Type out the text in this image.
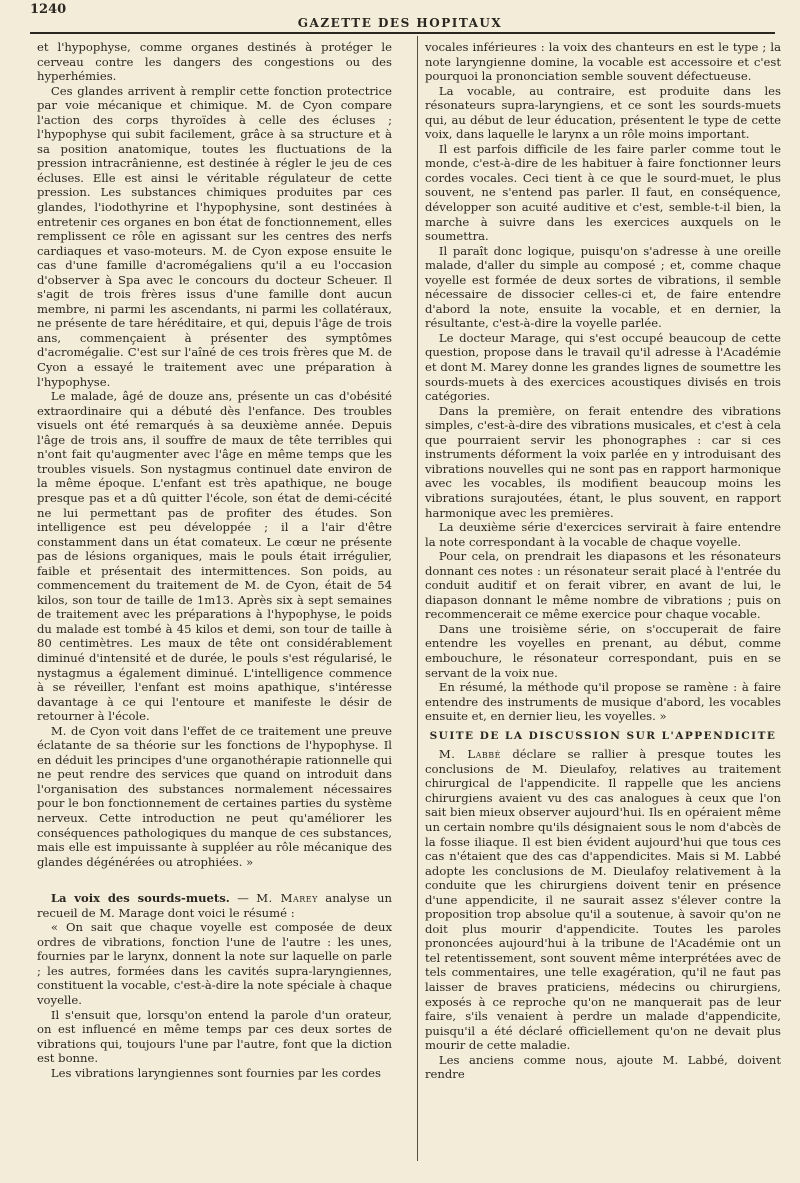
1240
GAZETTE DES HOPITAUX

et l'hypophyse, comme organes destinés à protéger le cerveau contre les dangers des congestions ou des hyperhémies.

Ces glandes arrivent à remplir cette fonction protectrice par voie mécanique et chimique. M. de Cyon compare l'action des corps thyroïdes à celle des écluses ; l'hypophyse qui subit facilement, grâce à sa structure et à sa position anatomique, toutes les fluctuations de la pression intracrânienne, est destinée à régler le jeu de ces écluses. Elle est ainsi le véritable régulateur de cette pression. Les substances chimiques produites par ces glandes, l'iodothyrine et l'hypophysine, sont destinées à entretenir ces organes en bon état de fonctionnement, elles remplissent ce rôle en agissant sur les centres des nerfs cardiaques et vaso-moteurs. M. de Cyon expose ensuite le cas d'une famille d'acromégaliens qu'il a eu l'occasion d'observer à Spa avec le concours du docteur Scheuer. Il s'agit de trois frères issus d'une famille dont aucun membre, ni parmi les ascendants, ni parmi les collatéraux, ne présente de tare héréditaire, et qui, depuis l'âge de trois ans, commençaient à présenter des symptômes d'acromégalie. C'est sur l'aîné de ces trois frères que M. de Cyon a essayé le traitement avec une préparation à l'hypophyse.

Le malade, âgé de douze ans, présente un cas d'obésité extraordinaire qui a débuté dès l'enfance. Des troubles visuels ont été remarqués à sa deuxième année. Depuis l'âge de trois ans, il souffre de maux de tête terribles qui n'ont fait qu'augmenter avec l'âge en même temps que les troubles visuels. Son nystagmus continuel date environ de la même époque. L'enfant est très apathique, ne bouge presque pas et a dû quitter l'école, son état de demi-cécité ne lui permettant pas de profiter des études. Son intelligence est peu développée ; il a l'air d'être constamment dans un état comateux. Le cœur ne présente pas de lésions organiques, mais le pouls était irrégulier, faible et présentait des intermittences. Son poids, au commencement du traitement de M. de Cyon, était de 54 kilos, son tour de taille de 1m13. Après six à sept semaines de traitement avec les préparations à l'hypophyse, le poids du malade est tombé à 45 kilos et demi, son tour de taille à 80 centimètres. Les maux de tête ont considérablement diminué d'intensité et de durée, le pouls s'est régularisé, le nystagmus a également diminué. L'intelligence commence à se réveiller, l'enfant est moins apathique, s'intéresse davantage à ce qui l'entoure et manifeste le désir de retourner à l'école.

M. de Cyon voit dans l'effet de ce traitement une preuve éclatante de sa théorie sur les fonctions de l'hypophyse. Il en déduit les principes d'une organothérapie rationnelle qui ne peut rendre des services que quand on introduit dans l'organisation des substances normalement nécessaires pour le bon fonctionnement de certaines parties du système nerveux. Cette introduction ne peut qu'améliorer les conséquences pathologiques du manque de ces substances, mais elle est impuissante à suppléer au rôle mécanique des glandes dégénérées ou atrophiées. »

La voix des sourds-muets. — M. Marey analyse un recueil de M. Marage dont voici le résumé :

« On sait que chaque voyelle est composée de deux ordres de vibrations, fonction l'une de l'autre : les unes, fournies par le larynx, donnent la note sur laquelle on parle ; les autres, formées dans les cavités supra-laryngiennes, constituent la vocable, c'est-à-dire la note spéciale à chaque voyelle.

Il s'ensuit que, lorsqu'on entend la parole d'un orateur, on est influencé en même temps par ces deux sortes de vibrations qui, toujours l'une par l'autre, font que la diction est bonne.

Les vibrations laryngiennes sont fournies par les cordes

vocales inférieures : la voix des chanteurs en est le type ; la note laryngienne domine, la vocable est accessoire et c'est pourquoi la prononciation semble souvent défectueuse.

La vocable, au contraire, est produite dans les résonateurs supra-laryngiens, et ce sont les sourds-muets qui, au début de leur éducation, présentent le type de cette voix, dans laquelle le larynx a un rôle moins important.

Il est parfois difficile de les faire parler comme tout le monde, c'est-à-dire de les habituer à faire fonctionner leurs cordes vocales. Ceci tient à ce que le sourd-muet, le plus souvent, ne s'entend pas parler. Il faut, en conséquence, développer son acuité auditive et c'est, semble-t-il bien, la marche à suivre dans les exercices auxquels on le soumettra.

Il paraît donc logique, puisqu'on s'adresse à une oreille malade, d'aller du simple au composé ; et, comme chaque voyelle est formée de deux sortes de vibrations, il semble nécessaire de dissocier celles-ci et, de faire entendre d'abord la note, ensuite la vocable, et en dernier, la résultante, c'est-à-dire la voyelle parlée.

Le docteur Marage, qui s'est occupé beaucoup de cette question, propose dans le travail qu'il adresse à l'Académie et dont M. Marey donne les grandes lignes de soumettre les sourds-muets à des exercices acoustiques divisés en trois catégories.

Dans la première, on ferait entendre des vibrations simples, c'est-à-dire des vibrations musicales, et c'est à cela que pourraient servir les phonographes : car si ces instruments déforment la voix parlée en y introduisant des vibrations nouvelles qui ne sont pas en rapport harmonique avec les vocables, ils modifient beaucoup moins les vibrations surajoutées, étant, le plus souvent, en rapport harmonique avec les premières.

La deuxième série d'exercices servirait à faire entendre la note correspondant à la vocable de chaque voyelle.

Pour cela, on prendrait les diapasons et les résonateurs donnant ces notes : un résonateur serait placé à l'entrée du conduit auditif et on ferait vibrer, en avant de lui, le diapason donnant le même nombre de vibrations ; puis on recommencerait ce même exercice pour chaque vocable.

Dans une troisième série, on s'occuperait de faire entendre les voyelles en prenant, au début, comme embouchure, le résonateur correspondant, puis en se servant de la voix nue.

En résumé, la méthode qu'il propose se ramène : à faire entendre des instruments de musique d'abord, les vocables ensuite et, en dernier lieu, les voyelles. »

SUITE DE LA DISCUSSION SUR L'APPENDICITE

M. Labbé déclare se rallier à presque toutes les conclusions de M. Dieulafoy, relatives au traitement chirurgical de l'appendicite. Il rappelle que les anciens chirurgiens avaient vu des cas analogues à ceux que l'on sait bien mieux observer aujourd'hui. Ils en opéraient même un certain nombre qu'ils désignaient sous le nom d'abcès de la fosse iliaque. Il est bien évident aujourd'hui que tous ces cas n'étaient que des cas d'appendicites. Mais si M. Labbé adopte les conclusions de M. Dieulafoy relativement à la conduite que les chirurgiens doivent tenir en présence d'une appendicite, il ne saurait assez s'élever contre la proposition trop absolue qu'il a soutenue, à savoir qu'on ne doit plus mourir d'appendicite. Toutes les paroles prononcées aujourd'hui à la tribune de l'Académie ont un tel retentissement, sont souvent même interprétées avec de tels commentaires, une telle exagération, qu'il ne faut pas laisser de braves praticiens, médecins ou chirurgiens, exposés à ce reproche qu'on ne manquerait pas de leur faire, s'ils venaient à perdre un malade d'appendicite, puisqu'il a été déclaré officiellement qu'on ne devait plus mourir de cette maladie.

Les anciens comme nous, ajoute M. Labbé, doivent rendre
